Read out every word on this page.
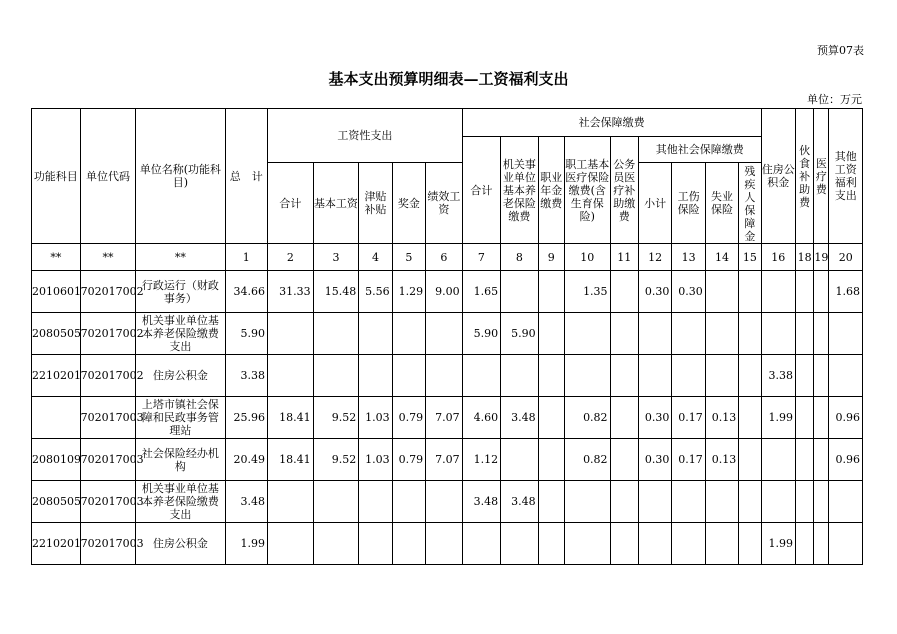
预算07表
基本支出预算明细表—工资福利支出
单位：万元
功能科目	单位代码	单位名称(功能科目)	总　计	工资性支出					社会保障缴费									住房公积金	伙食补助费	医疗费	其他工资福利支出
									合计	机关事业单位基本养老保险缴费	职业年金缴费	职工基本医疗保险缴费(含生育保险)	公务员医疗补助缴费	其他社会保障缴费							
				合计	基本工资	津贴补贴	奖金	绩效工资						小计	工伤保险	失业保险	残疾人保障金				
**	**	**	1	2	3	4	5	6	7	8	9	10	11	12	13	14	15	16	18	19	20
2010601	702017002	行政运行（财政事务）	34.66	31.33	15.48	5.56	1.29	9.00	1.65			1.35		0.30	0.30						1.68
2080505	702017002	机关事业单位基本养老保险缴费支出	5.90						5.90	5.90											
2210201	702017002	住房公积金	3.38															3.38			
	702017003	上塔市镇社会保障和民政事务管理站	25.96	18.41	9.52	1.03	0.79	7.07	4.60	3.48		0.82		0.30	0.17	0.13		1.99			0.96
2080109	702017003	社会保险经办机构	20.49	18.41	9.52	1.03	0.79	7.07	1.12			0.82		0.30	0.17	0.13					0.96
2080505	702017003	机关事业单位基本养老保险缴费支出	3.48						3.48	3.48											
2210201	702017003	住房公积金	1.99															1.99			
